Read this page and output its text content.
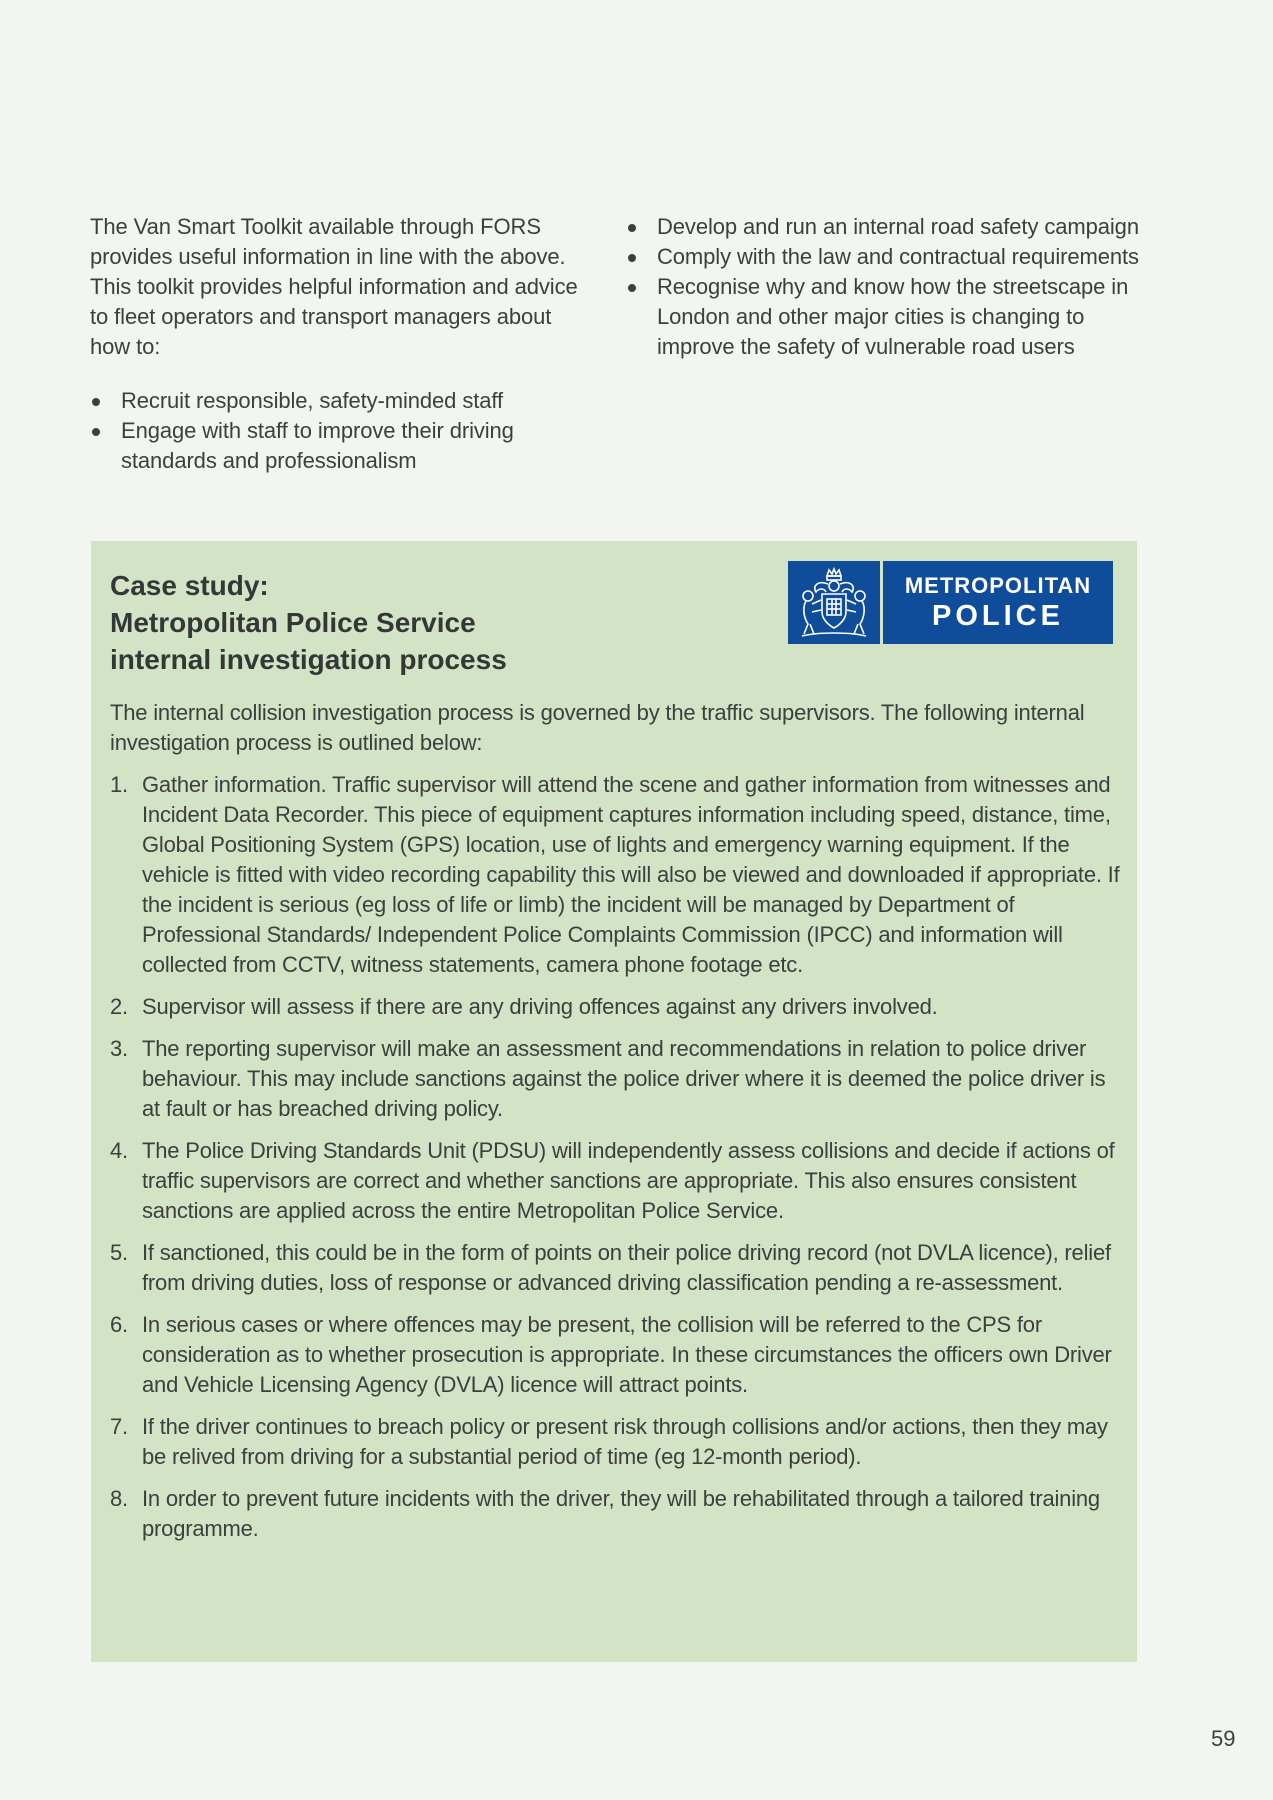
The Van Smart Toolkit available through FORS provides useful information in line with the above. This toolkit provides helpful information and advice to fleet operators and transport managers about how to:

Recruit responsible, safety-minded staff
Engage with staff to improve their driving standards and professionalism
Develop and run an internal road safety campaign
Comply with the law and contractual requirements
Recognise why and know how the streetscape in London and other major cities is changing to improve the safety of vulnerable road users
Case study:
Metropolitan Police Service
internal investigation process
METROPOLITAN
POLICE

The internal collision investigation process is governed by the traffic supervisors. The following internal investigation process is outlined below:

1. Gather information. Traffic supervisor will attend the scene and gather information from witnesses and Incident Data Recorder. This piece of equipment captures information including speed, distance, time, Global Positioning System (GPS) location, use of lights and emergency warning equipment. If the vehicle is fitted with video recording capability this will also be viewed and downloaded if appropriate. If the incident is serious (eg loss of life or limb) the incident will be managed by Department of Professional Standards/ Independent Police Complaints Commission (IPCC) and information will collected from CCTV, witness statements, camera phone footage etc.
2. Supervisor will assess if there are any driving offences against any drivers involved.
3. The reporting supervisor will make an assessment and recommendations in relation to police driver behaviour. This may include sanctions against the police driver where it is deemed the police driver is at fault or has breached driving policy.
4. The Police Driving Standards Unit (PDSU) will independently assess collisions and decide if actions of traffic supervisors are correct and whether sanctions are appropriate. This also ensures consistent sanctions are applied across the entire Metropolitan Police Service.
5. If sanctioned, this could be in the form of points on their police driving record (not DVLA licence), relief from driving duties, loss of response or advanced driving classification pending a re-assessment.
6. In serious cases or where offences may be present, the collision will be referred to the CPS for consideration as to whether prosecution is appropriate. In these circumstances the officers own Driver and Vehicle Licensing Agency (DVLA) licence will attract points.
7. If the driver continues to breach policy or present risk through collisions and/or actions, then they may be relived from driving for a substantial period of time (eg 12-month period).
8. In order to prevent future incidents with the driver, they will be rehabilitated through a tailored training programme.
59
